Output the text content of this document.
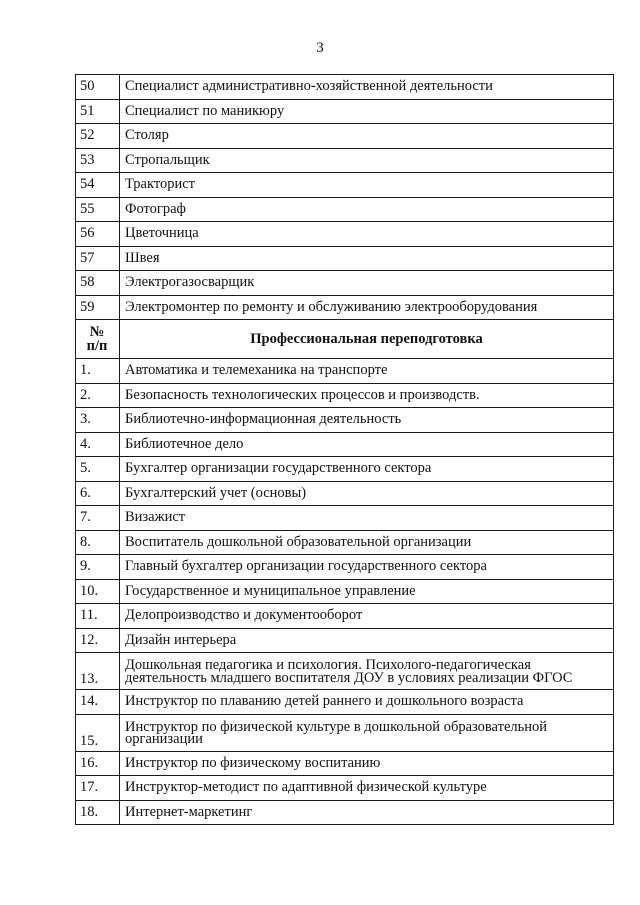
3
50	Специалист административно-хозяйственной деятельности
51	Специалист по маникюру
52	Столяр
53	Стропальщик
54	Тракторист
55	Фотограф
56	Цветочница
57	Швея
58	Электрогазосварщик
59	Электромонтер по ремонту и обслуживанию электрооборудования

№
п/п	Профессиональная переподготовка
1.	Автоматика и телемеханика на транспорте
2.	Безопасность технологических процессов и производств.
3.	Библиотечно-информационная деятельность
4.	Библиотечное дело
5.	Бухгалтер организации государственного сектора
6.	Бухгалтерский учет (основы)
7.	Визажист
8.	Воспитатель дошкольной образовательной организации
9.	Главный бухгалтер организации государственного сектора
10.	Государственное и муниципальное управление
11.	Делопроизводство и документооборот
12.	Дизайн интерьера
13.	Дошкольная педагогика и психология. Психолого-педагогическая деятельность младшего воспитателя ДОУ в условиях реализации ФГОС
14.	Инструктор по плаванию детей раннего и дошкольного возраста
15.	Инструктор по физической культуре в дошкольной образовательной организации
16.	Инструктор по физическому воспитанию
17.	Инструктор-методист по адаптивной физической культуре
18.	Интернет-маркетинг
